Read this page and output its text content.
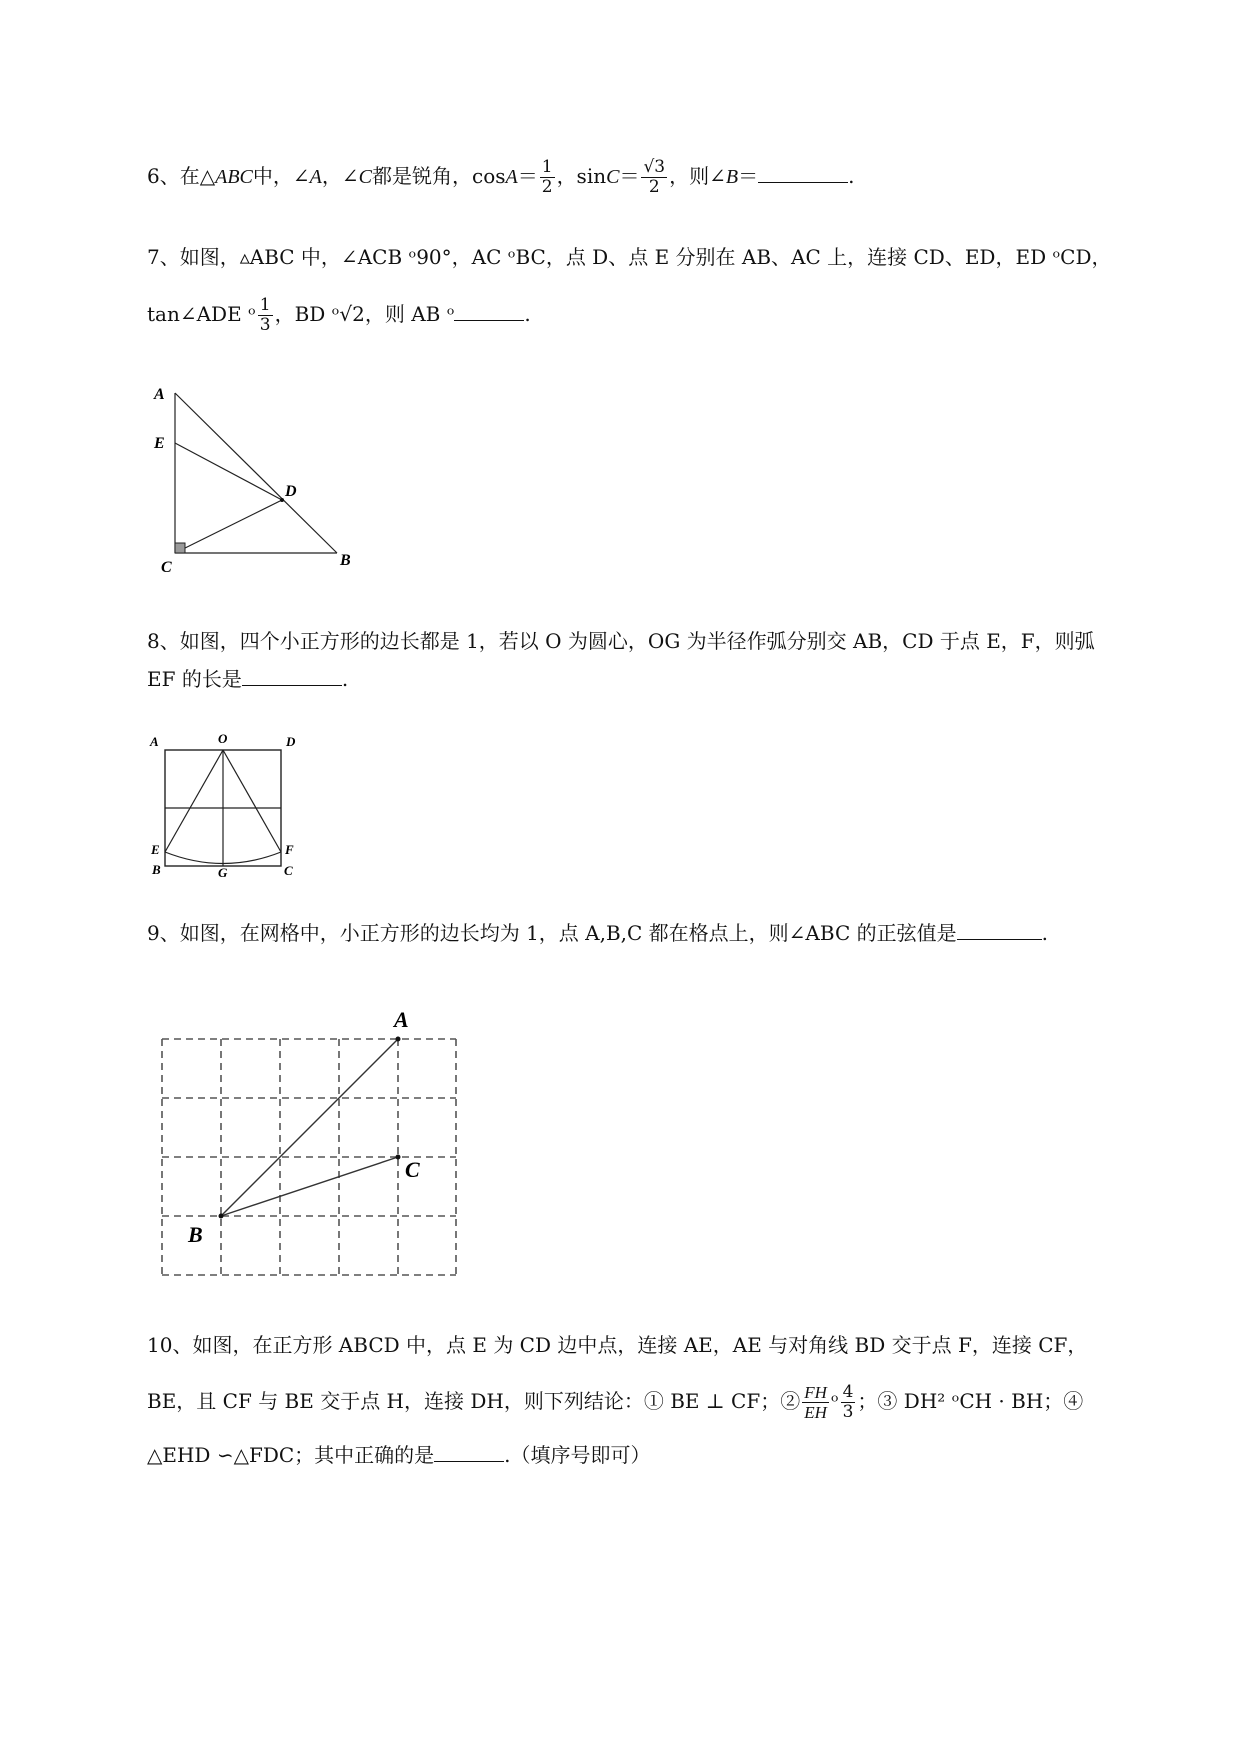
6、在△ABC中，∠A，∠C都是锐角，$\cos A= \frac{1}{2}$ ，$\sin C= \frac{√3}{2}$ ，则∠B＝	.
7、如图，▵ABC 中，∠ACB ᵒ90°，AC ᵒBC，点 D、点 E 分别在 AB、AC 上，连接 CD、ED，ED ᵒCD，
tan∠ADE ᵒ $\frac{1}{3}$ ，BD ᵒ√2，则 AB ᵒ	.
A
E
D
C	B
8、如图，四个小正方形的边长都是 1，若以 O 为圆心，OG 为半径作弧分别交 AB，CD 于点 E，F，则弧
EF 的长是	.
A	O	D
E	F
B	G	C
9、如图，在网格中，小正方形的边长均为 1，点 A,B,C 都在格点上，则∠ABC 的正弦值是	.
A
C
B
10、如图，在正方形 ABCD 中，点 E 为 CD 边中点，连接 AE，AE 与对角线 BD 交于点 F，连接 CF，
BE，且 CF 与 BE 交于点 H，连接 DH，则下列结论：① BE ⊥ CF；② $\frac{FH}{EH}$ ᵒ $\frac{4}{3}$ ；③ DH² ᵒCH · BH；④
△EHD ∽△FDC；其中正确的是	.（填序号即可）
